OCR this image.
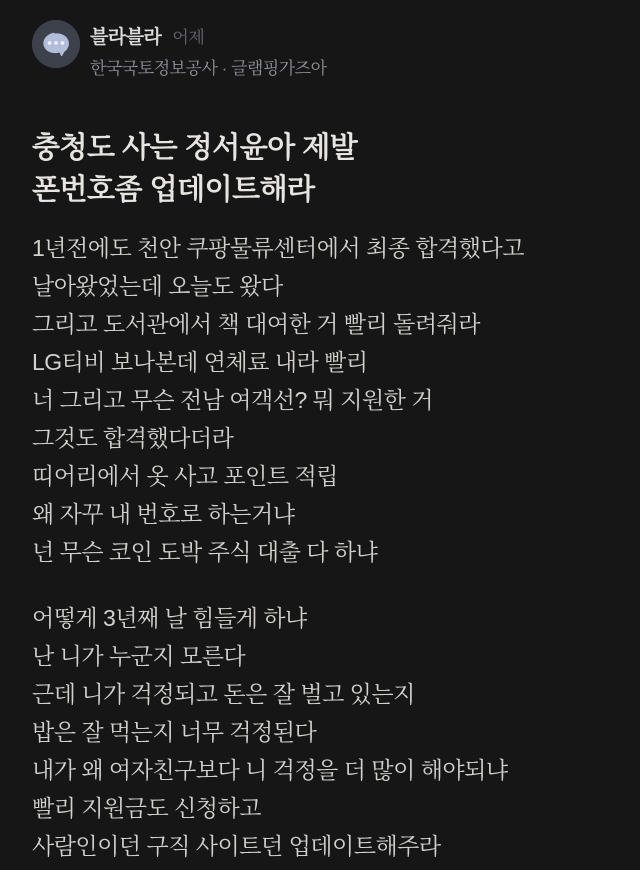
블라블라 어제
한국국토정보공사 · 글램핑가즈아
충청도 사는 정서윤아 제발
폰번호좀 업데이트해라
1년전에도 천안 쿠팡물류센터에서 최종 합격했다고
날아왔었는데 오늘도 왔다
그리고 도서관에서 책 대여한 거 빨리 돌려줘라
LG티비 보나본데 연체료 내라 빨리
너 그리고 무슨 전남 여객선? 뭐 지원한 거
그것도 합격했다더라
띠어리에서 옷 사고 포인트 적립
왜 자꾸 내 번호로 하는거냐
넌 무슨 코인 도박 주식 대출 다 하냐
어떻게 3년째 날 힘들게 하냐
난 니가 누군지 모른다
근데 니가 걱정되고 돈은 잘 벌고 있는지
밥은 잘 먹는지 너무 걱정된다
내가 왜 여자친구보다 니 걱정을 더 많이 해야되냐
빨리 지원금도 신청하고
사람인이던 구직 사이트던 업데이트해주라
